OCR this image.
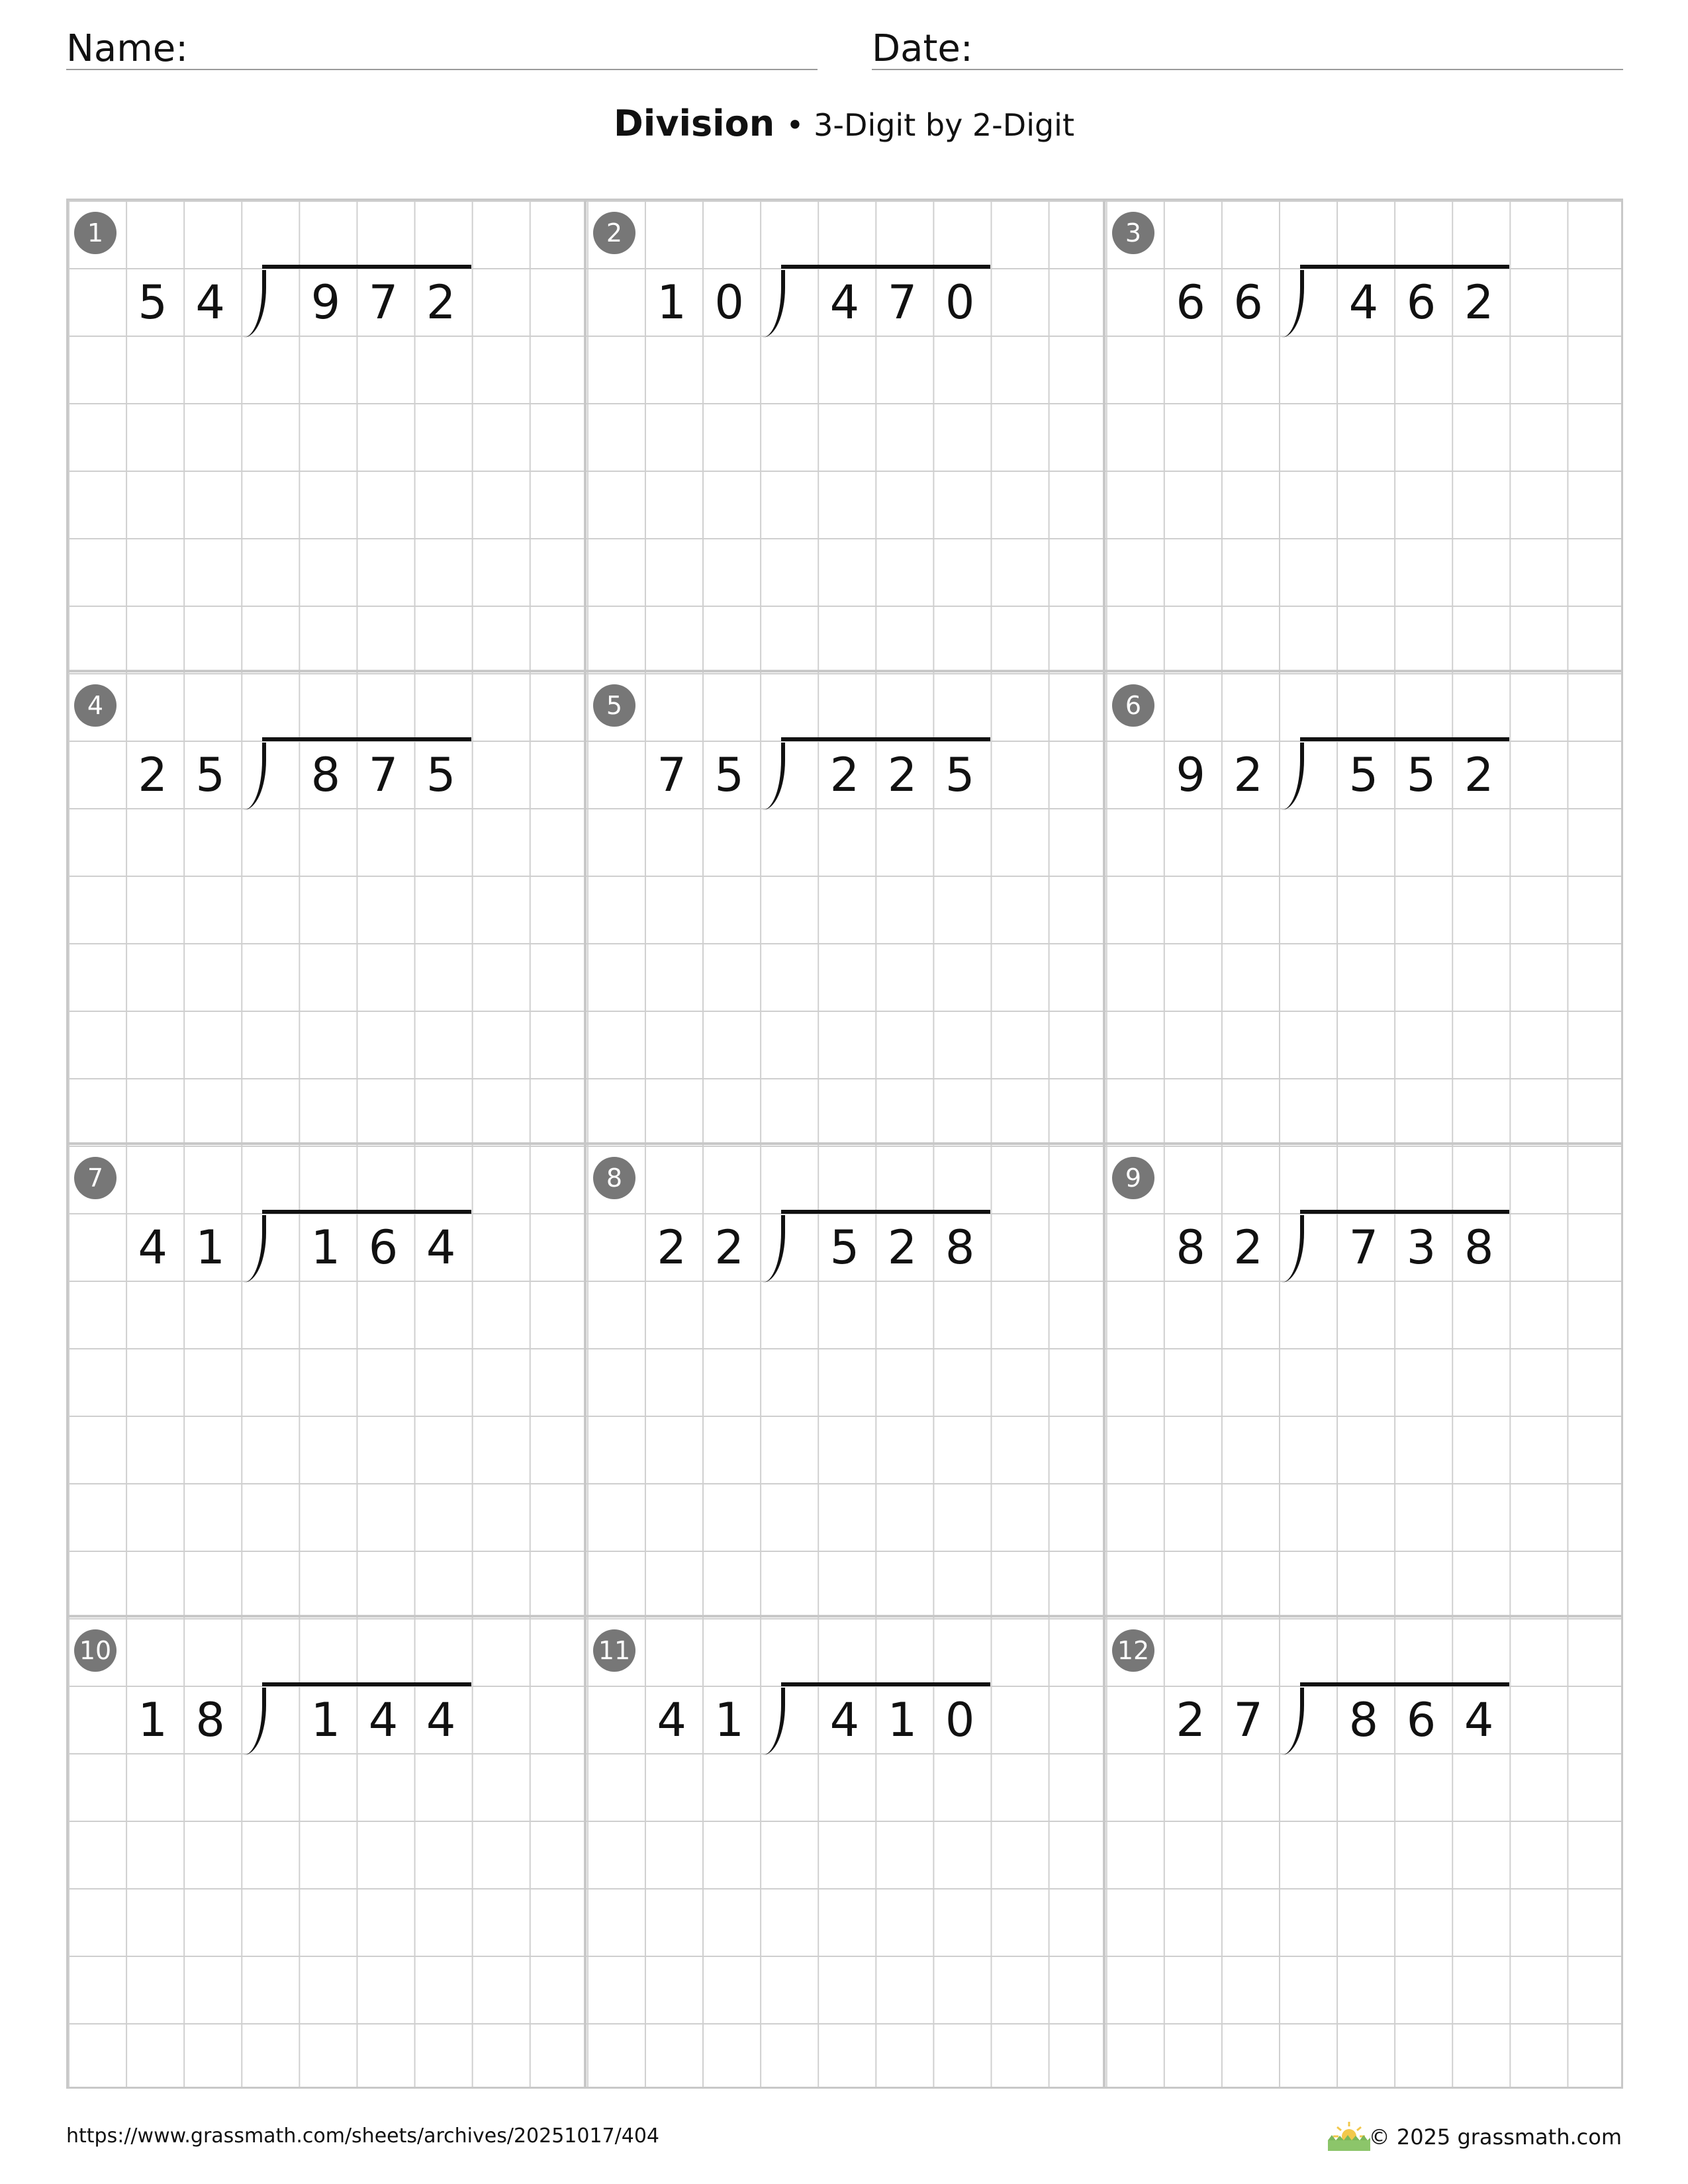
Name:	Date:
Division • 3-Digit by 2-Digit
1
5 4	9 7 2
2
1 0	4 7 0
3
6 6	4 6 2
4
2 5	8 7 5
5
7 5	2 2 5
6
9 2	5 5 2
7
4 1	1 6 4
8
2 2	5 2 8
9
8 2	7 3 8
10
1 8	1 4 4
11
4 1	4 1 0
12
2 7	8 6 4
https://www.grassmath.com/sheets/archives/20251017/404	© 2025 grassmath.com
